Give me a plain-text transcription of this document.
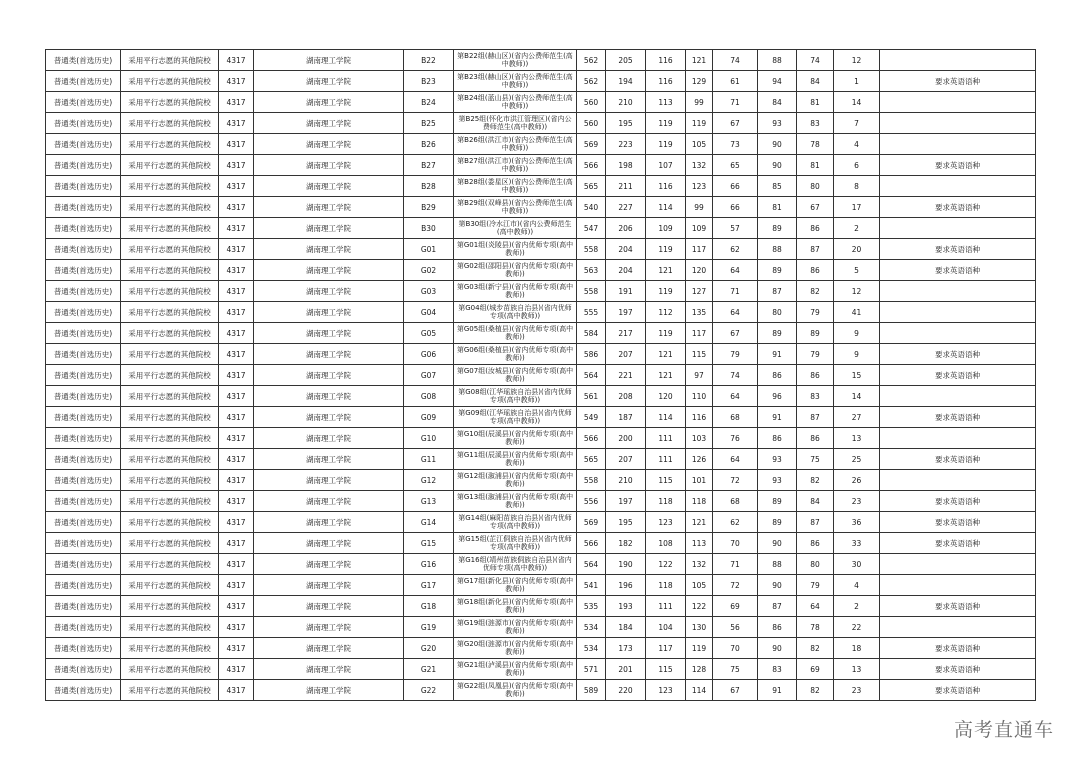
普通类(首选历史)	采用平行志愿的其他院校	4317	湖南理工学院	B22	第B22组(赫山区)(省内公费师范生(高中教师))	562	205	116	121	74	88	74	12	
普通类(首选历史)	采用平行志愿的其他院校	4317	湖南理工学院	B23	第B23组(赫山区)(省内公费师范生(高中教师))	562	194	116	129	61	94	84	1	要求英语语种
普通类(首选历史)	采用平行志愿的其他院校	4317	湖南理工学院	B24	第B24组(蓝山县)(省内公费师范生(高中教师))	560	210	113	99	71	84	81	14	
普通类(首选历史)	采用平行志愿的其他院校	4317	湖南理工学院	B25	第B25组(怀化市洪江管理区)(省内公费师范生(高中教师))	560	195	119	119	67	93	83	7	
普通类(首选历史)	采用平行志愿的其他院校	4317	湖南理工学院	B26	第B26组(洪江市)(省内公费师范生(高中教师))	569	223	119	105	73	90	78	4	
普通类(首选历史)	采用平行志愿的其他院校	4317	湖南理工学院	B27	第B27组(洪江市)(省内公费师范生(高中教师))	566	198	107	132	65	90	81	6	要求英语语种
普通类(首选历史)	采用平行志愿的其他院校	4317	湖南理工学院	B28	第B28组(娄星区)(省内公费师范生(高中教师))	565	211	116	123	66	85	80	8	
普通类(首选历史)	采用平行志愿的其他院校	4317	湖南理工学院	B29	第B29组(双峰县)(省内公费师范生(高中教师))	540	227	114	99	66	81	67	17	要求英语语种
普通类(首选历史)	采用平行志愿的其他院校	4317	湖南理工学院	B30	第B30组(冷水江市)(省内公费师范生(高中教师))	547	206	109	109	57	89	86	2	
普通类(首选历史)	采用平行志愿的其他院校	4317	湖南理工学院	G01	第G01组(炎陵县)(省内优师专项(高中教师))	558	204	119	117	62	88	87	20	要求英语语种
普通类(首选历史)	采用平行志愿的其他院校	4317	湖南理工学院	G02	第G02组(邵阳县)(省内优师专项(高中教师))	563	204	121	120	64	89	86	5	要求英语语种
普通类(首选历史)	采用平行志愿的其他院校	4317	湖南理工学院	G03	第G03组(新宁县)(省内优师专项(高中教师))	558	191	119	127	71	87	82	12	
普通类(首选历史)	采用平行志愿的其他院校	4317	湖南理工学院	G04	第G04组(城步苗族自治县)(省内优师专项(高中教师))	555	197	112	135	64	80	79	41	
普通类(首选历史)	采用平行志愿的其他院校	4317	湖南理工学院	G05	第G05组(桑植县)(省内优师专项(高中教师))	584	217	119	117	67	89	89	9	
普通类(首选历史)	采用平行志愿的其他院校	4317	湖南理工学院	G06	第G06组(桑植县)(省内优师专项(高中教师))	586	207	121	115	79	91	79	9	要求英语语种
普通类(首选历史)	采用平行志愿的其他院校	4317	湖南理工学院	G07	第G07组(汝城县)(省内优师专项(高中教师))	564	221	121	97	74	86	86	15	要求英语语种
普通类(首选历史)	采用平行志愿的其他院校	4317	湖南理工学院	G08	第G08组(江华瑶族自治县)(省内优师专项(高中教师))	561	208	120	110	64	96	83	14	
普通类(首选历史)	采用平行志愿的其他院校	4317	湖南理工学院	G09	第G09组(江华瑶族自治县)(省内优师专项(高中教师))	549	187	114	116	68	91	87	27	要求英语语种
普通类(首选历史)	采用平行志愿的其他院校	4317	湖南理工学院	G10	第G10组(辰溪县)(省内优师专项(高中教师))	566	200	111	103	76	86	86	13	
普通类(首选历史)	采用平行志愿的其他院校	4317	湖南理工学院	G11	第G11组(辰溪县)(省内优师专项(高中教师))	565	207	111	126	64	93	75	25	要求英语语种
普通类(首选历史)	采用平行志愿的其他院校	4317	湖南理工学院	G12	第G12组(溆浦县)(省内优师专项(高中教师))	558	210	115	101	72	93	82	26	
普通类(首选历史)	采用平行志愿的其他院校	4317	湖南理工学院	G13	第G13组(溆浦县)(省内优师专项(高中教师))	556	197	118	118	68	89	84	23	要求英语语种
普通类(首选历史)	采用平行志愿的其他院校	4317	湖南理工学院	G14	第G14组(麻阳苗族自治县)(省内优师专项(高中教师))	569	195	123	121	62	89	87	36	要求英语语种
普通类(首选历史)	采用平行志愿的其他院校	4317	湖南理工学院	G15	第G15组(芷江侗族自治县)(省内优师专项(高中教师))	566	182	108	113	70	90	86	33	要求英语语种
普通类(首选历史)	采用平行志愿的其他院校	4317	湖南理工学院	G16	第G16组(靖州苗族侗族自治县)(省内优师专项(高中教师))	564	190	122	132	71	88	80	30	
普通类(首选历史)	采用平行志愿的其他院校	4317	湖南理工学院	G17	第G17组(新化县)(省内优师专项(高中教师))	541	196	118	105	72	90	79	4	
普通类(首选历史)	采用平行志愿的其他院校	4317	湖南理工学院	G18	第G18组(新化县)(省内优师专项(高中教师))	535	193	111	122	69	87	64	2	要求英语语种
普通类(首选历史)	采用平行志愿的其他院校	4317	湖南理工学院	G19	第G19组(涟源市)(省内优师专项(高中教师))	534	184	104	130	56	86	78	22	
普通类(首选历史)	采用平行志愿的其他院校	4317	湖南理工学院	G20	第G20组(涟源市)(省内优师专项(高中教师))	534	173	117	119	70	90	82	18	要求英语语种
普通类(首选历史)	采用平行志愿的其他院校	4317	湖南理工学院	G21	第G21组(泸溪县)(省内优师专项(高中教师))	571	201	115	128	75	83	69	13	要求英语语种
普通类(首选历史)	采用平行志愿的其他院校	4317	湖南理工学院	G22	第G22组(凤凰县)(省内优师专项(高中教师))	589	220	123	114	67	91	82	23	要求英语语种
高考直通车
